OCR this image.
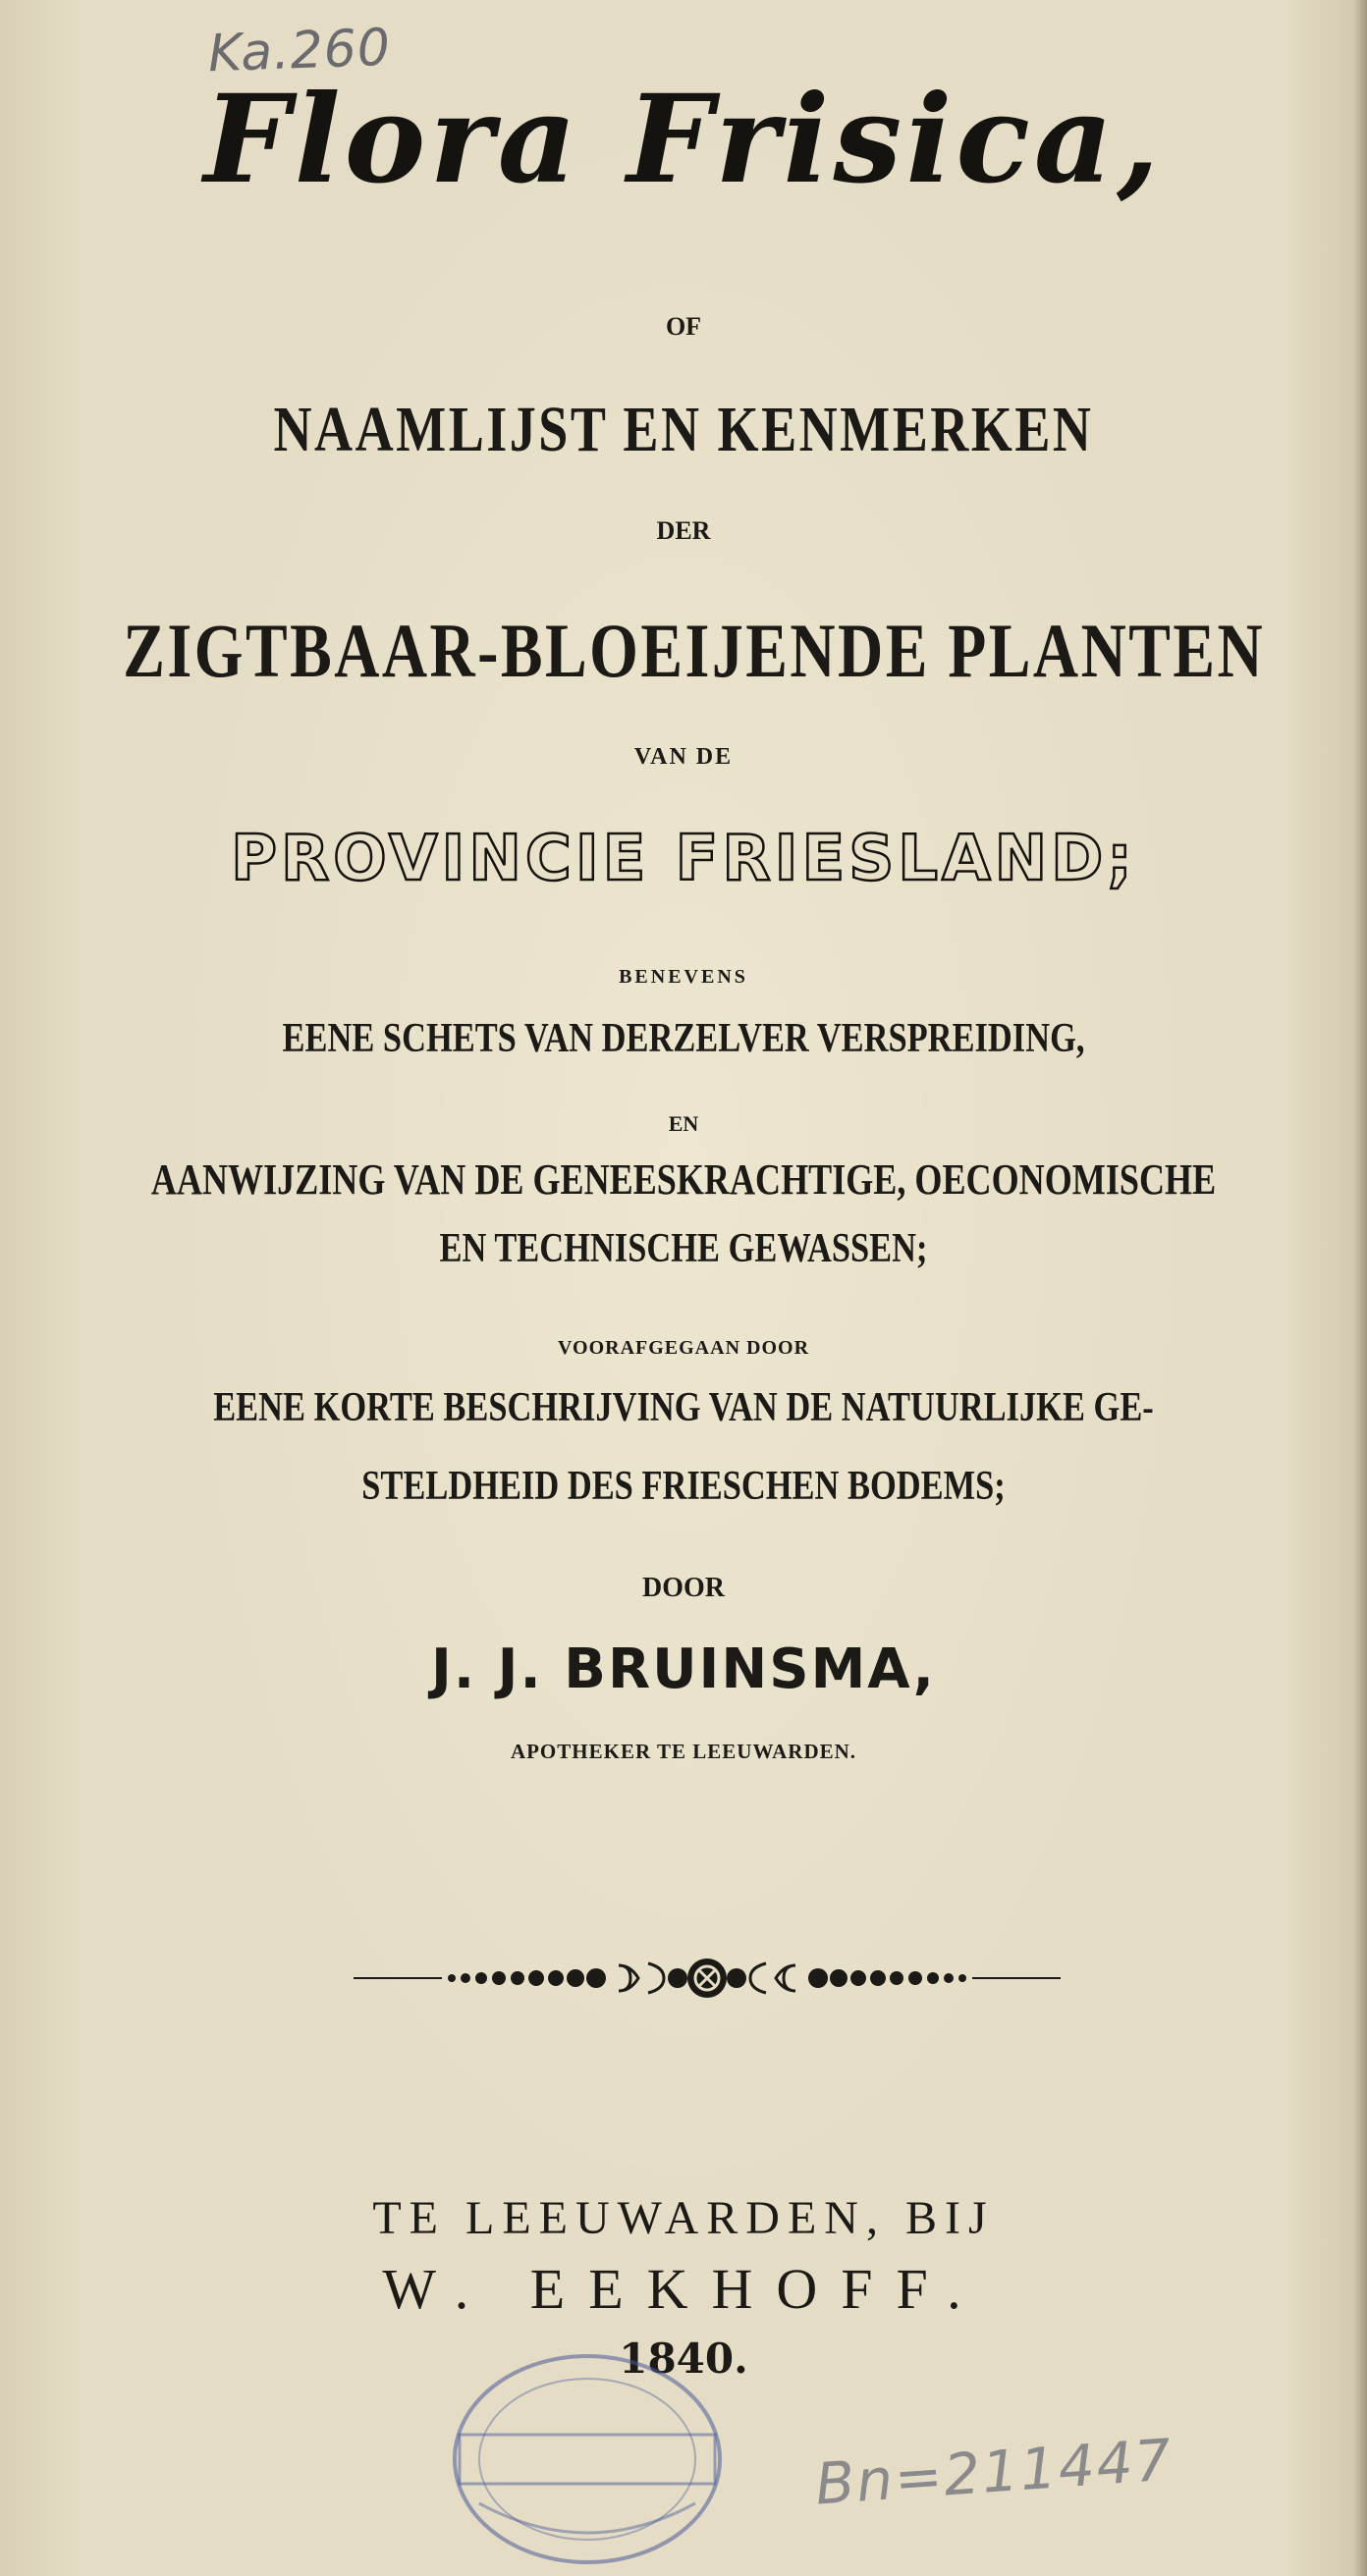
Ka.260
Flora Frisica,
OF
NAAMLIJST EN KENMERKEN
DER
ZIGTBAAR-BLOEIJENDE PLANTEN
VAN DE
PROVINCIE FRIESLAND;
BENEVENS
EENE SCHETS VAN DERZELVER VERSPREIDING,
EN
AANWIJZING VAN DE GENEESKRACHTIGE, OECONOMISCHE
EN TECHNISCHE GEWASSEN;
VOORAFGEGAAN DOOR
EENE KORTE BESCHRIJVING VAN DE NATUURLIJKE GE-
STELDHEID DES FRIESCHEN BODEMS;
DOOR
J. J. BRUINSMA,
APOTHEKER TE LEEUWARDEN.
TE LEEUWARDEN, BIJ
W. EEKHOFF.
1840.
Bn=211447
